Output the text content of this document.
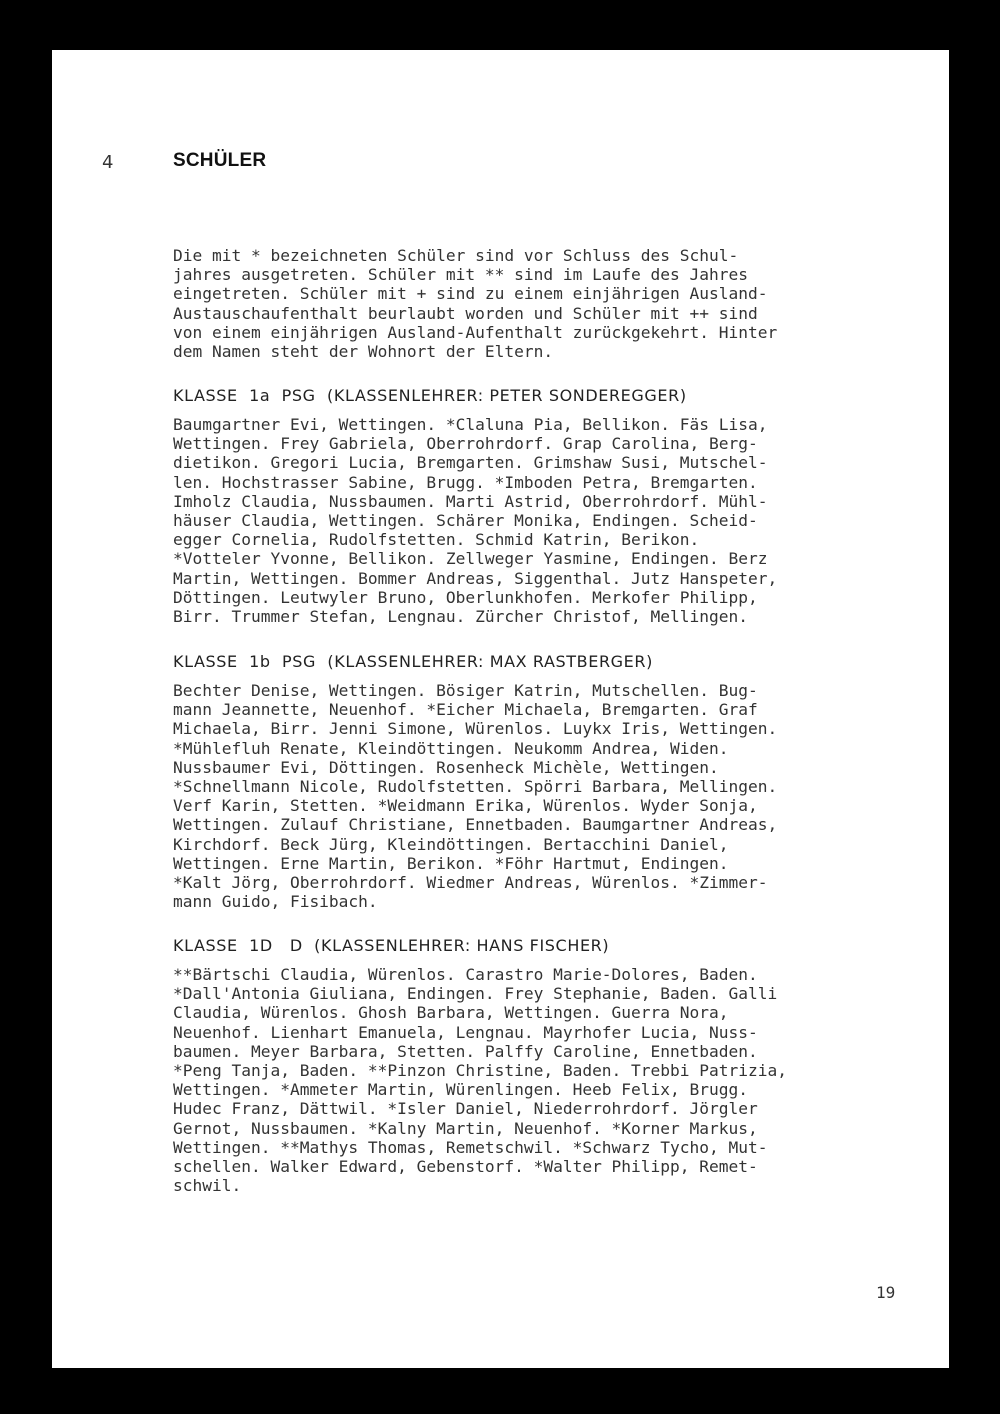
4	SCHÜLER

Die mit * bezeichneten Schüler sind vor Schluss des Schul-
jahres ausgetreten. Schüler mit ** sind im Laufe des Jahres
eingetreten. Schüler mit + sind zu einem einjährigen Ausland-
Austauschaufenthalt beurlaubt worden und Schüler mit ++ sind
von einem einjährigen Ausland-Aufenthalt zurückgekehrt. Hinter
dem Namen steht der Wohnort der Eltern.

KLASSE  1a  PSG  (KLASSENLEHRER: PETER SONDEREGGER)

Baumgartner Evi, Wettingen. *Claluna Pia, Bellikon. Fäs Lisa,
Wettingen. Frey Gabriela, Oberrohrdorf. Grap Carolina, Berg-
dietikon. Gregori Lucia, Bremgarten. Grimshaw Susi, Mutschel-
len. Hochstrasser Sabine, Brugg. *Imboden Petra, Bremgarten.
Imholz Claudia, Nussbaumen. Marti Astrid, Oberrohrdorf. Mühl-
häuser Claudia, Wettingen. Schärer Monika, Endingen. Scheid-
egger Cornelia, Rudolfstetten. Schmid Katrin, Berikon.
*Votteler Yvonne, Bellikon. Zellweger Yasmine, Endingen. Berz
Martin, Wettingen. Bommer Andreas, Siggenthal. Jutz Hanspeter,
Döttingen. Leutwyler Bruno, Oberlunkhofen. Merkofer Philipp,
Birr. Trummer Stefan, Lengnau. Zürcher Christof, Mellingen.

KLASSE  1b  PSG  (KLASSENLEHRER: MAX RASTBERGER)

Bechter Denise, Wettingen. Bösiger Katrin, Mutschellen. Bug-
mann Jeannette, Neuenhof. *Eicher Michaela, Bremgarten. Graf
Michaela, Birr. Jenni Simone, Würenlos. Luykx Iris, Wettingen.
*Mühlefluh Renate, Kleindöttingen. Neukomm Andrea, Widen.
Nussbaumer Evi, Döttingen. Rosenheck Michèle, Wettingen.
*Schnellmann Nicole, Rudolfstetten. Spörri Barbara, Mellingen.
Verf Karin, Stetten. *Weidmann Erika, Würenlos. Wyder Sonja,
Wettingen. Zulauf Christiane, Ennetbaden. Baumgartner Andreas,
Kirchdorf. Beck Jürg, Kleindöttingen. Bertacchini Daniel,
Wettingen. Erne Martin, Berikon. *Föhr Hartmut, Endingen.
*Kalt Jörg, Oberrohrdorf. Wiedmer Andreas, Würenlos. *Zimmer-
mann Guido, Fisibach.

KLASSE  1D   D  (KLASSENLEHRER: HANS FISCHER)

**Bärtschi Claudia, Würenlos. Carastro Marie-Dolores, Baden.
*Dall'Antonia Giuliana, Endingen. Frey Stephanie, Baden. Galli
Claudia, Würenlos. Ghosh Barbara, Wettingen. Guerra Nora,
Neuenhof. Lienhart Emanuela, Lengnau. Mayrhofer Lucia, Nuss-
baumen. Meyer Barbara, Stetten. Palffy Caroline, Ennetbaden.
*Peng Tanja, Baden. **Pinzon Christine, Baden. Trebbi Patrizia,
Wettingen. *Ammeter Martin, Würenlingen. Heeb Felix, Brugg.
Hudec Franz, Dättwil. *Isler Daniel, Niederrohrdorf. Jörgler
Gernot, Nussbaumen. *Kalny Martin, Neuenhof. *Korner Markus,
Wettingen. **Mathys Thomas, Remetschwil. *Schwarz Tycho, Mut-
schellen. Walker Edward, Gebenstorf. *Walter Philipp, Remet-
schwil.

19
